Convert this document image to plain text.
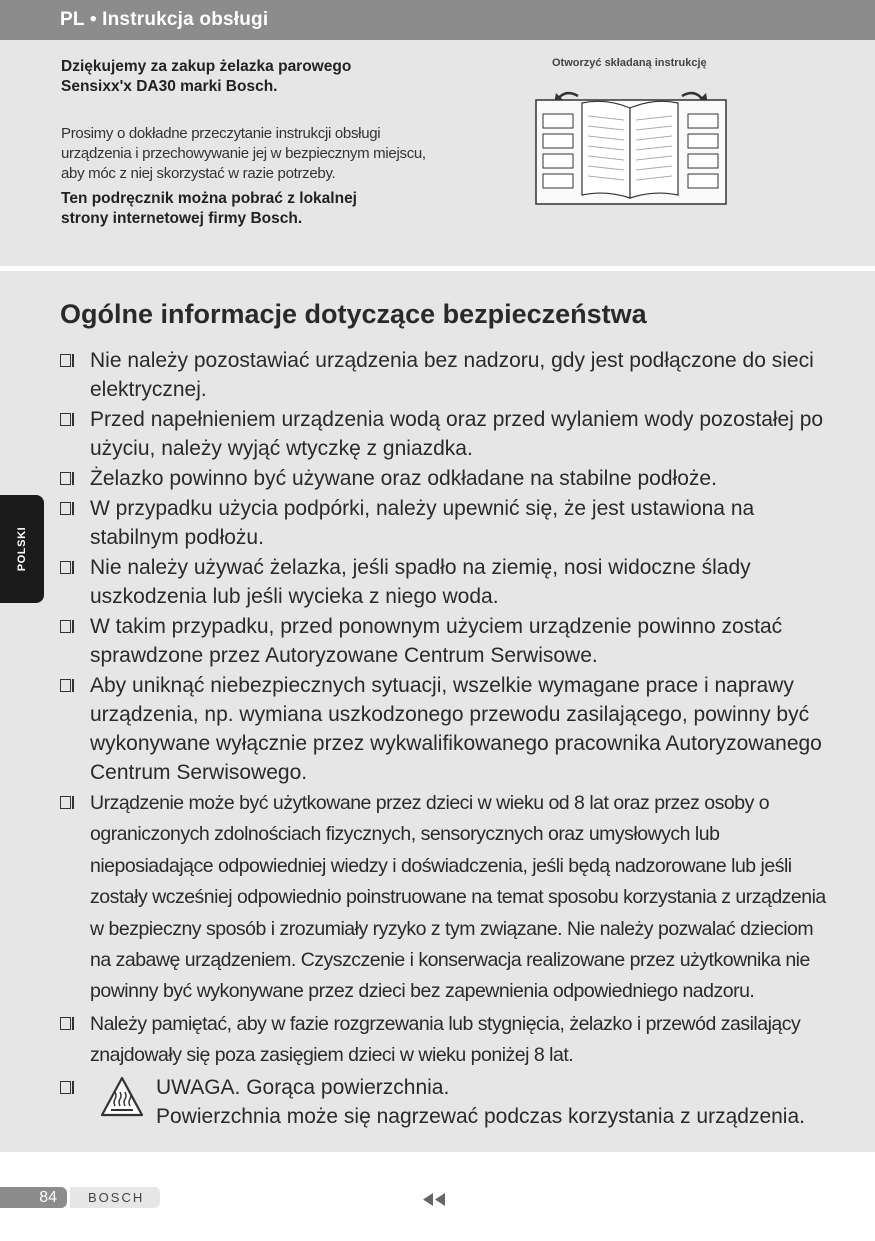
PL • Instrukcja obsługi
Dziękujemy za zakup żelazka parowego Sensixx'x DA30 marki Bosch.
Prosimy o dokładne przeczytanie instrukcji obsługi urządzenia i przechowywanie jej w bezpiecznym miejscu, aby móc z niej skorzystać w razie potrzeby.
Ten podręcznik można pobrać z lokalnej strony internetowej firmy Bosch.
Otworzyć składaną instrukcję
Ogólne informacje dotyczące bezpieczeństwa
Nie należy pozostawiać urządzenia bez nadzoru, gdy jest podłączone do sieci elektrycznej.
Przed napełnieniem urządzenia wodą oraz przed wylaniem wody pozostałej po użyciu, należy wyjąć wtyczkę z gniazdka.
Żelazko powinno być używane oraz odkładane na stabilne podłoże.
W przypadku użycia podpórki, należy upewnić się, że jest ustawiona na stabilnym podłożu.
Nie należy używać żelazka, jeśli spadło na ziemię, nosi widoczne ślady uszkodzenia lub jeśli wycieka z niego woda.
W takim przypadku, przed ponownym użyciem urządzenie powinno zostać sprawdzone przez Autoryzowane Centrum Serwisowe.
Aby uniknąć niebezpiecznych sytuacji, wszelkie wymagane prace i naprawy urządzenia, np. wymiana uszkodzonego przewodu zasilającego, powinny być wykonywane wyłącznie przez wykwalifikowanego pracownika Autoryzowanego Centrum Serwisowego.
Urządzenie może być użytkowane przez dzieci w wieku od 8 lat oraz przez osoby o ograniczonych zdolnościach fizycznych, sensorycznych oraz umysłowych lub nieposiadające odpowiedniej wiedzy i doświadczenia, jeśli będą nadzorowane lub jeśli zostały wcześniej odpowiednio poinstruowane na temat sposobu korzystania z urządzenia w bezpieczny sposób i zrozumiały ryzyko z tym związane. Nie należy pozwalać dzieciom na zabawę urządzeniem. Czyszczenie i konserwacja realizowane przez użytkownika nie powinny być wykonywane przez dzieci bez zapewnienia odpowiedniego nadzoru.
Należy pamiętać, aby w fazie rozgrzewania lub stygnięcia, żelazko i przewód zasilający znajdowały się poza zasięgiem dzieci w wieku poniżej 8 lat.
UWAGA. Gorąca powierzchnia.
Powierzchnia może się nagrzewać podczas korzystania z urządzenia.
POLSKI
84 BOSCH
